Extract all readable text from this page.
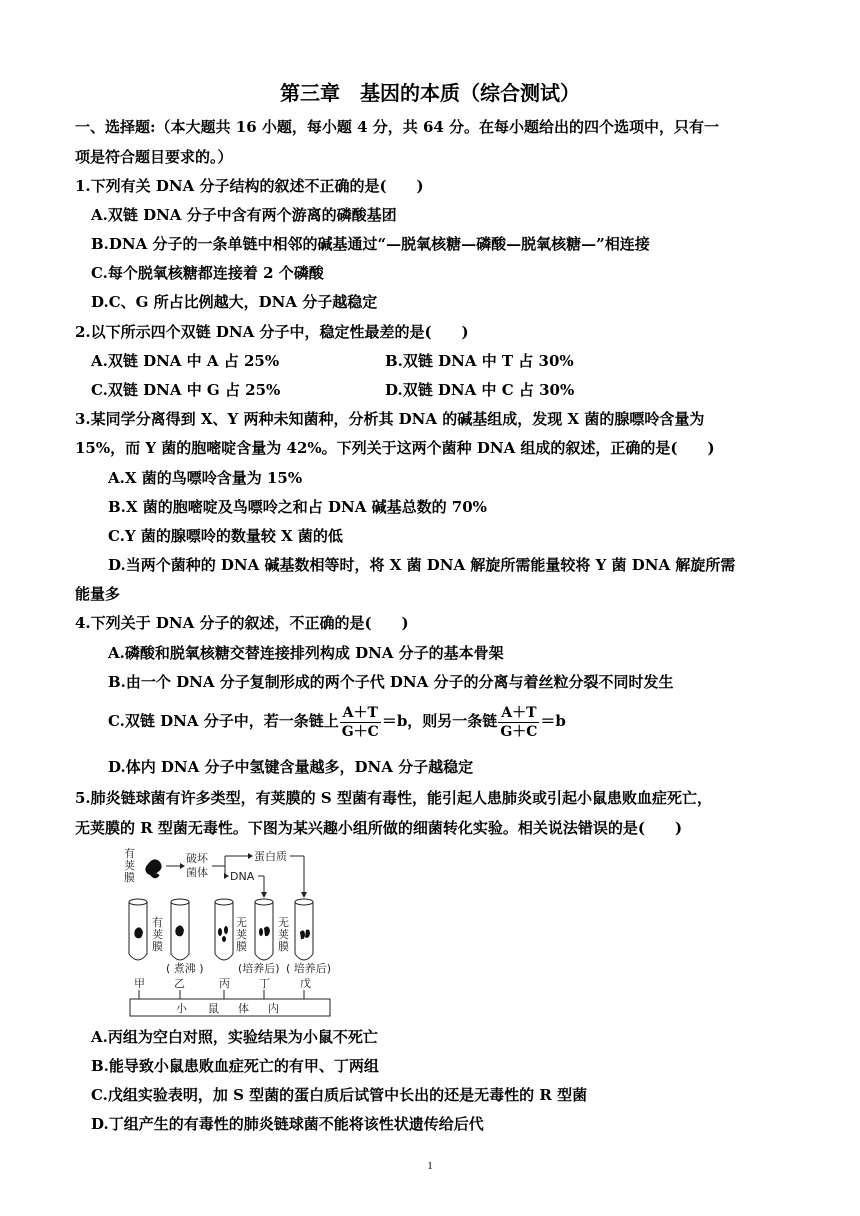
第三章　基因的本质（综合测试）
一、选择题:（本大题共 16 小题，每小题 4 分，共 64 分。在每小题给出的四个选项中，只有一
项是符合题目要求的。）
1.下列有关 DNA 分子结构的叙述不正确的是(　　)
A.双链 DNA 分子中含有两个游离的磷酸基团
B.DNA 分子的一条单链中相邻的碱基通过“—脱氧核糖—磷酸—脱氧核糖—”相连接
C.每个脱氧核糖都连接着 2 个磷酸
D.C、G 所占比例越大，DNA 分子越稳定
2.以下所示四个双链 DNA 分子中，稳定性最差的是(　　)
A.双链 DNA 中 A 占 25%	B.双链 DNA 中 T 占 30%
C.双链 DNA 中 G 占 25%	D.双链 DNA 中 C 占 30%
3.某同学分离得到 X、Y 两种未知菌种，分析其 DNA 的碱基组成，发现 X 菌的腺嘌呤含量为
15%，而 Y 菌的胞嘧啶含量为 42%。下列关于这两个菌种 DNA 组成的叙述，正确的是(　　)
A.X 菌的鸟嘌呤含量为 15%
B.X 菌的胞嘧啶及鸟嘌呤之和占 DNA 碱基总数的 70%
C.Y 菌的腺嘌呤的数量较 X 菌的低
D.当两个菌种的 DNA 碱基数相等时，将 X 菌 DNA 解旋所需能量较将 Y 菌 DNA 解旋所需
能量多
4.下列关于 DNA 分子的叙述，不正确的是(　　)
A.磷酸和脱氧核糖交替连接排列构成 DNA 分子的基本骨架
B.由一个 DNA 分子复制形成的两个子代 DNA 分子的分离与着丝粒分裂不同时发生
C.双链 DNA 分子中，若一条链上 $\frac{A+T}{G+C} =b$，则另一条链 $\frac{A+T}{G+C} =b$
D.体内 DNA 分子中氢键含量越多，DNA 分子越稳定
5.肺炎链球菌有许多类型，有荚膜的 S 型菌有毒性，能引起人患肺炎或引起小鼠患败血症死亡，
无荚膜的 R 型菌无毒性。下图为某兴趣小组所做的细菌转化实验。相关说法错误的是(　　)
有
荚
膜
破坏
菌体
蛋白质
DNA
有
荚
膜
无
荚
膜
无
荚
膜
( 煮沸 )	(培养后) ( 培养后)
甲	乙	丙	丁	戊
小 鼠 体 内
A.丙组为空白对照，实验结果为小鼠不死亡
B.能导致小鼠患败血症死亡的有甲、丁两组
C.戊组实验表明，加 S 型菌的蛋白质后试管中长出的还是无毒性的 R 型菌
D.丁组产生的有毒性的肺炎链球菌不能将该性状遗传给后代
1
